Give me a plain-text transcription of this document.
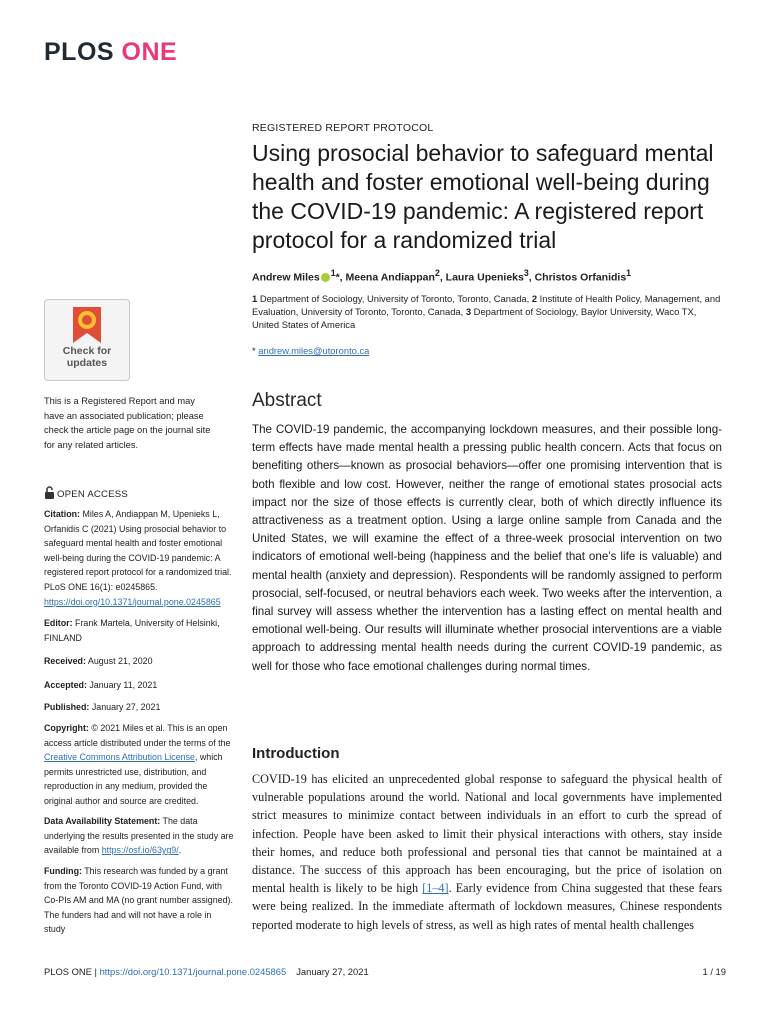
PLOS ONE
REGISTERED REPORT PROTOCOL
Using prosocial behavior to safeguard mental health and foster emotional well-being during the COVID-19 pandemic: A registered report protocol for a randomized trial
Andrew Miles $^1$*, Meena Andiappan$^2$, Laura Upenieks$^3$, Christos Orfanidis$^1$
1 Department of Sociology, University of Toronto, Toronto, Canada, 2 Institute of Health Policy, Management, and Evaluation, University of Toronto, Toronto, Canada, 3 Department of Sociology, Baylor University, Waco TX, United States of America
* andrew.miles@utoronto.ca
Abstract

The COVID-19 pandemic, the accompanying lockdown measures, and their possible long-term effects have made mental health a pressing public health concern. Acts that focus on benefiting others—known as prosocial behaviors—offer one promising intervention that is both flexible and low cost. However, neither the range of emotional states prosocial acts impact nor the size of those effects is currently clear, both of which directly influence its attractiveness as a treatment option. Using a large online sample from Canada and the United States, we will examine the effect of a three-week prosocial intervention on two indicators of emotional well-being (happiness and the belief that one’s life is valuable) and mental health (anxiety and depression). Respondents will be randomly assigned to perform prosocial, self-focused, or neutral behaviors each week. Two weeks after the intervention, a final survey will assess whether the intervention has a lasting effect on mental health and emotional well-being. Our results will illuminate whether prosocial interventions are a viable approach to addressing mental health needs during the current COVID-19 pandemic, as well for those who face emotional challenges during normal times.

Introduction

COVID-19 has elicited an unprecedented global response to safeguard the physical health of vulnerable populations around the world. National and local governments have implemented strict measures to minimize contact between individuals in an effort to curb the spread of infection. People have been asked to limit their physical interactions with others, stay inside their homes, and reduce both professional and personal ties that cannot be maintained at a distance. The success of this approach has been encouraging, but the price of isolation on mental health is likely to be high [1–4]. Early evidence from China suggested that these fears were being realized. In the immediate aftermath of lockdown measures, Chinese respondents reported moderate to high levels of stress, as well as high rates of mental health challenges

Check for updates
This is a Registered Report and may have an associated publication; please check the article page on the journal site for any related articles.
OPEN ACCESS

Citation: Miles A, Andiappan M, Upenieks L, Orfanidis C (2021) Using prosocial behavior to safeguard mental health and foster emotional well-being during the COVID-19 pandemic: A registered report protocol for a randomized trial. PLoS ONE 16(1): e0245865. https://doi.org/10.1371/journal.pone.0245865

Editor: Frank Martela, University of Helsinki, FINLAND

Received: August 21, 2020

Accepted: January 11, 2021

Published: January 27, 2021

Copyright: © 2021 Miles et al. This is an open access article distributed under the terms of the Creative Commons Attribution License, which permits unrestricted use, distribution, and reproduction in any medium, provided the original author and source are credited.

Data Availability Statement: The data underlying the results presented in the study are available from https://osf.io/63yg9/.

Funding: This research was funded by a grant from the Toronto COVID-19 Action Fund, with Co-PIs AM and MA (no grant number assigned). The funders had and will not have a role in study

PLOS ONE | https://doi.org/10.1371/journal.pone.0245865 January 27, 2021	1 / 19
